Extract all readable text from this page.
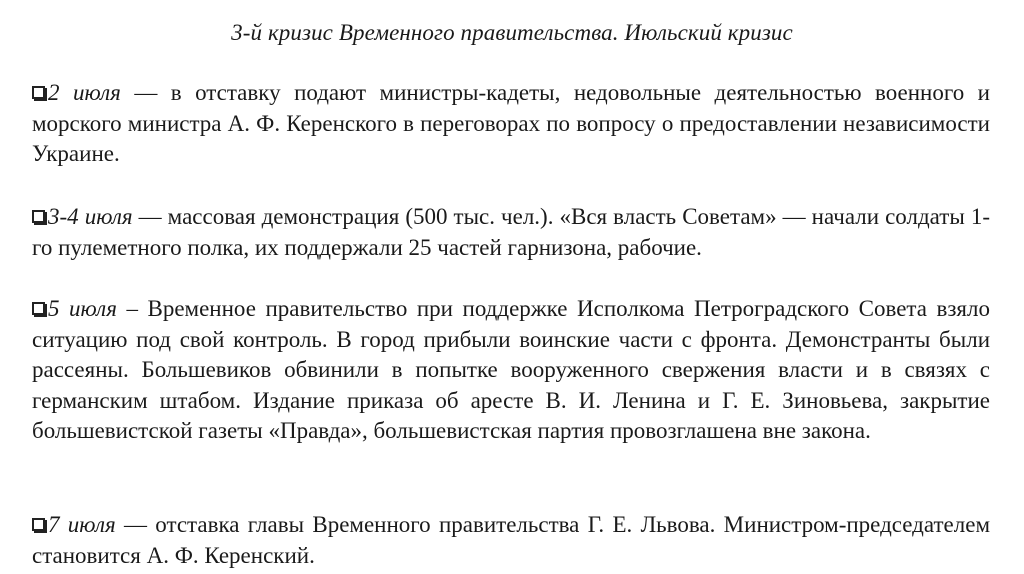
3-й кризис Временного правительства. Июльский кризис
2 июля — в отставку подают министры-кадеты, недовольные деятельностью военного и морского министра А. Ф. Керенского в переговорах по вопросу о предоставлении независимости Украине.
3-4 июля — массовая демонстрация (500 тыс. чел.). «Вся власть Советам» — начали солдаты 1-го пулеметного полка, их поддержали 25 частей гарнизона, рабочие.
5 июля – Временное правительство при поддержке Исполкома Петроградского Совета взяло ситуацию под свой контроль. В город прибыли воинские части с фронта. Демонстранты были рассеяны. Большевиков обвинили в попытке вооруженного свержения власти и в связях с германским штабом. Издание приказа об аресте В. И. Ленина и Г. Е. Зиновьева, закрытие большевистской газеты «Правда», большевистская партия провозглашена вне закона.
7 июля — отставка главы Временного правительства Г. Е. Львова. Министром-председателем становится А. Ф. Керенский.
